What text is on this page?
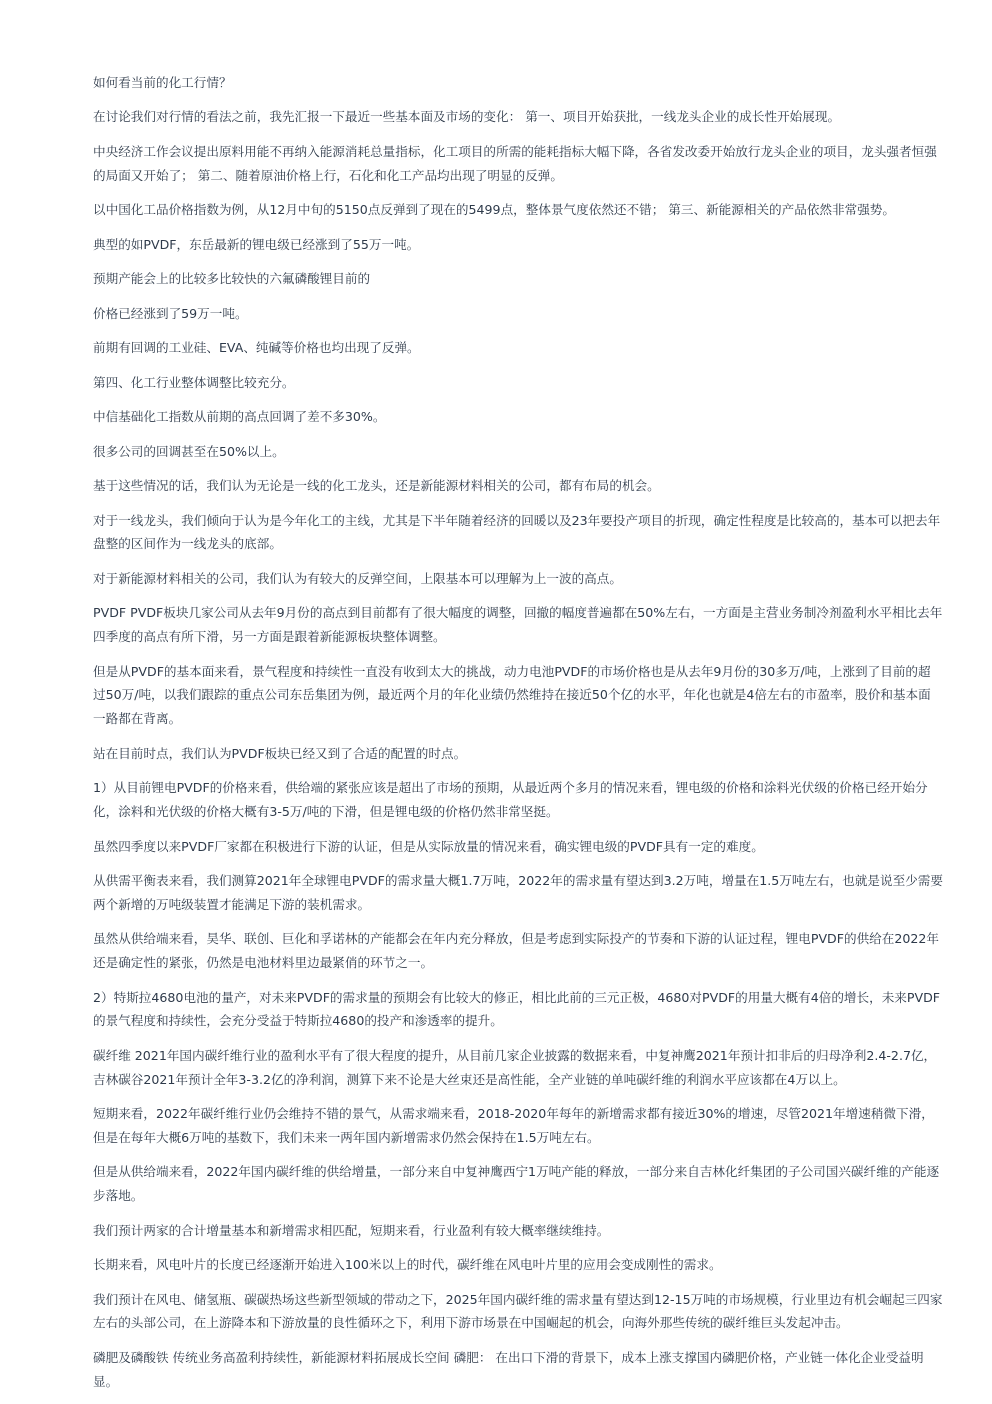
如何看当前的化工行情？

在讨论我们对行情的看法之前，我先汇报一下最近一些基本面及市场的变化： 第一、项目开始获批，一线龙头企业的成长性开始展现。

中央经济工作会议提出原料用能不再纳入能源消耗总量指标，化工项目的所需的能耗指标大幅下降，各省发改委开始放行龙头企业的项目，龙头强者恒强的局面又开始了； 第二、随着原油价格上行，石化和化工产品均出现了明显的反弹。

以中国化工品价格指数为例，从12月中旬的5150点反弹到了现在的5499点，整体景气度依然还不错； 第三、新能源相关的产品依然非常强势。

典型的如PVDF，东岳最新的锂电级已经涨到了55万一吨。

预期产能会上的比较多比较快的六氟磷酸锂目前的

价格已经涨到了59万一吨。

前期有回调的工业硅、EVA、纯碱等价格也均出现了反弹。

第四、化工行业整体调整比较充分。

中信基础化工指数从前期的高点回调了差不多30%。

很多公司的回调甚至在50%以上。

基于这些情况的话，我们认为无论是一线的化工龙头，还是新能源材料相关的公司，都有布局的机会。

对于一线龙头，我们倾向于认为是今年化工的主线，尤其是下半年随着经济的回暖以及23年要投产项目的折现，确定性程度是比较高的，基本可以把去年盘整的区间作为一线龙头的底部。

对于新能源材料相关的公司，我们认为有较大的反弹空间，上限基本可以理解为上一波的高点。

PVDF PVDF板块几家公司从去年9月份的高点到目前都有了很大幅度的调整，回撤的幅度普遍都在50%左右，一方面是主营业务制冷剂盈利水平相比去年四季度的高点有所下滑，另一方面是跟着新能源板块整体调整。

但是从PVDF的基本面来看，景气程度和持续性一直没有收到太大的挑战，动力电池PVDF的市场价格也是从去年9月份的30多万/吨，上涨到了目前的超过50万/吨，以我们跟踪的重点公司东岳集团为例，最近两个月的年化业绩仍然维持在接近50个亿的水平，年化也就是4倍左右的市盈率，股价和基本面一路都在背离。

站在目前时点，我们认为PVDF板块已经又到了合适的配置的时点。

1）从目前锂电PVDF的价格来看，供给端的紧张应该是超出了市场的预期，从最近两个多月的情况来看，锂电级的价格和涂料光伏级的价格已经开始分化，涂料和光伏级的价格大概有3-5万/吨的下滑，但是锂电级的价格仍然非常坚挺。

虽然四季度以来PVDF厂家都在积极进行下游的认证，但是从实际放量的情况来看，确实锂电级的PVDF具有一定的难度。

从供需平衡表来看，我们测算2021年全球锂电PVDF的需求量大概1.7万吨，2022年的需求量有望达到3.2万吨，增量在1.5万吨左右，也就是说至少需要两个新增的万吨级装置才能满足下游的装机需求。

虽然从供给端来看，昊华、联创、巨化和孚诺林的产能都会在年内充分释放，但是考虑到实际投产的节奏和下游的认证过程，锂电PVDF的供给在2022年还是确定性的紧张，仍然是电池材料里边最紧俏的环节之一。

2）特斯拉4680电池的量产，对未来PVDF的需求量的预期会有比较大的修正，相比此前的三元正极，4680对PVDF的用量大概有4倍的增长，未来PVDF的景气程度和持续性，会充分受益于特斯拉4680的投产和渗透率的提升。

碳纤维 2021年国内碳纤维行业的盈利水平有了很大程度的提升，从目前几家企业披露的数据来看，中复神鹰2021年预计扣非后的归母净利2.4-2.7亿，吉林碳谷2021年预计全年3-3.2亿的净利润，测算下来不论是大丝束还是高性能，全产业链的单吨碳纤维的利润水平应该都在4万以上。

短期来看，2022年碳纤维行业仍会维持不错的景气，从需求端来看，2018-2020年每年的新增需求都有接近30%的增速，尽管2021年增速稍微下滑，但是在每年大概6万吨的基数下，我们未来一两年国内新增需求仍然会保持在1.5万吨左右。

但是从供给端来看，2022年国内碳纤维的供给增量，一部分来自中复神鹰西宁1万吨产能的释放，一部分来自吉林化纤集团的子公司国兴碳纤维的产能逐步落地。

我们预计两家的合计增量基本和新增需求相匹配，短期来看，行业盈利有较大概率继续维持。

长期来看，风电叶片的长度已经逐渐开始进入100米以上的时代，碳纤维在风电叶片里的应用会变成刚性的需求。

我们预计在风电、储氢瓶、碳碳热场这些新型领域的带动之下，2025年国内碳纤维的需求量有望达到12-15万吨的市场规模，行业里边有机会崛起三四家左右的头部公司，在上游降本和下游放量的良性循环之下，利用下游市场景在中国崛起的机会，向海外那些传统的碳纤维巨头发起冲击。

磷肥及磷酸铁 传统业务高盈利持续性，新能源材料拓展成长空间 磷肥： 在出口下滑的背景下，成本上涨支撑国内磷肥价格，产业链一体化企业受益明显。
